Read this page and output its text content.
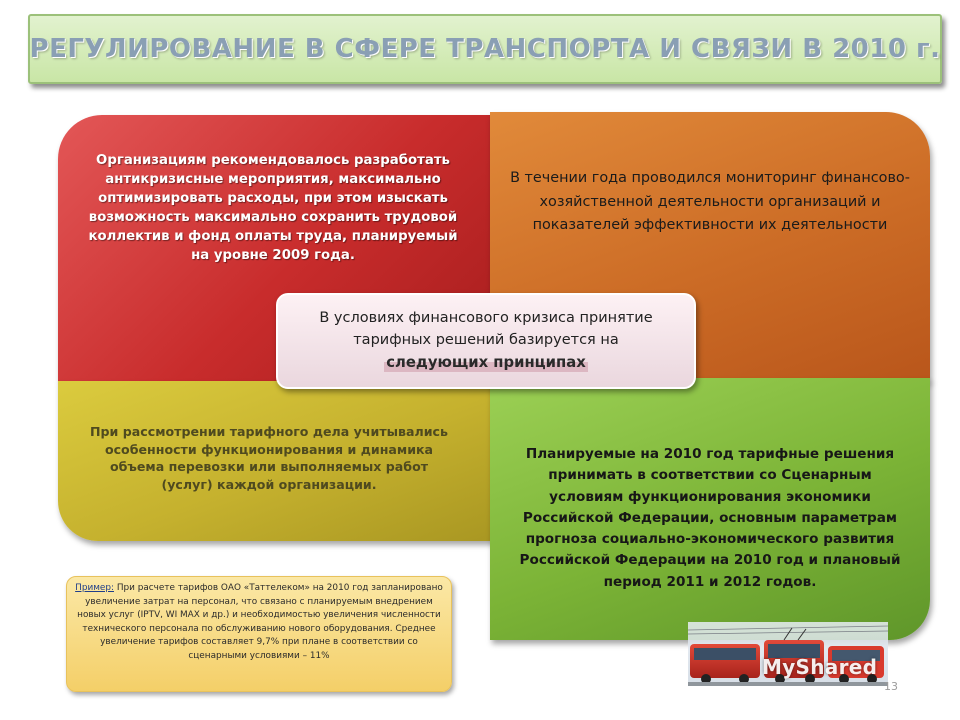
РЕГУЛИРОВАНИЕ В СФЕРЕ ТРАНСПОРТА И СВЯЗИ В 2010 г.
Организациям рекомендовалось разработать антикризисные мероприятия, максимально оптимизировать расходы, при этом изыскать возможность максимально сохранить трудовой коллектив и фонд оплаты труда, планируемый на уровне 2009 года.
В течении года проводился мониторинг финансово-хозяйственной деятельности организаций и показателей эффективности их деятельности
При рассмотрении тарифного дела учитывались особенности функционирования и динамика объема перевозки или выполняемых работ (услуг) каждой организации.
Планируемые на 2010 год тарифные решения принимать в соответствии со Сценарным условиям функционирования экономики Российской Федерации, основным параметрам прогноза социально-экономического развития Российской Федерации на 2010 год и плановый период 2011 и 2012 годов.
В условиях финансового кризиса принятие
тарифных решений базируется на
следующих принципах
Пример: При расчете тарифов ОАО «Таттелеком» на 2010 год запланировано увеличение затрат на персонал, что связано с планируемым внедрением новых услуг (IPTV, WI MAX и др.) и необходимостью увеличения численности технического персонала по обслуживанию нового оборудования. Среднее увеличение тарифов составляет 9,7% при плане в соответствии со сценарными условиями – 11%	MyShared
13
